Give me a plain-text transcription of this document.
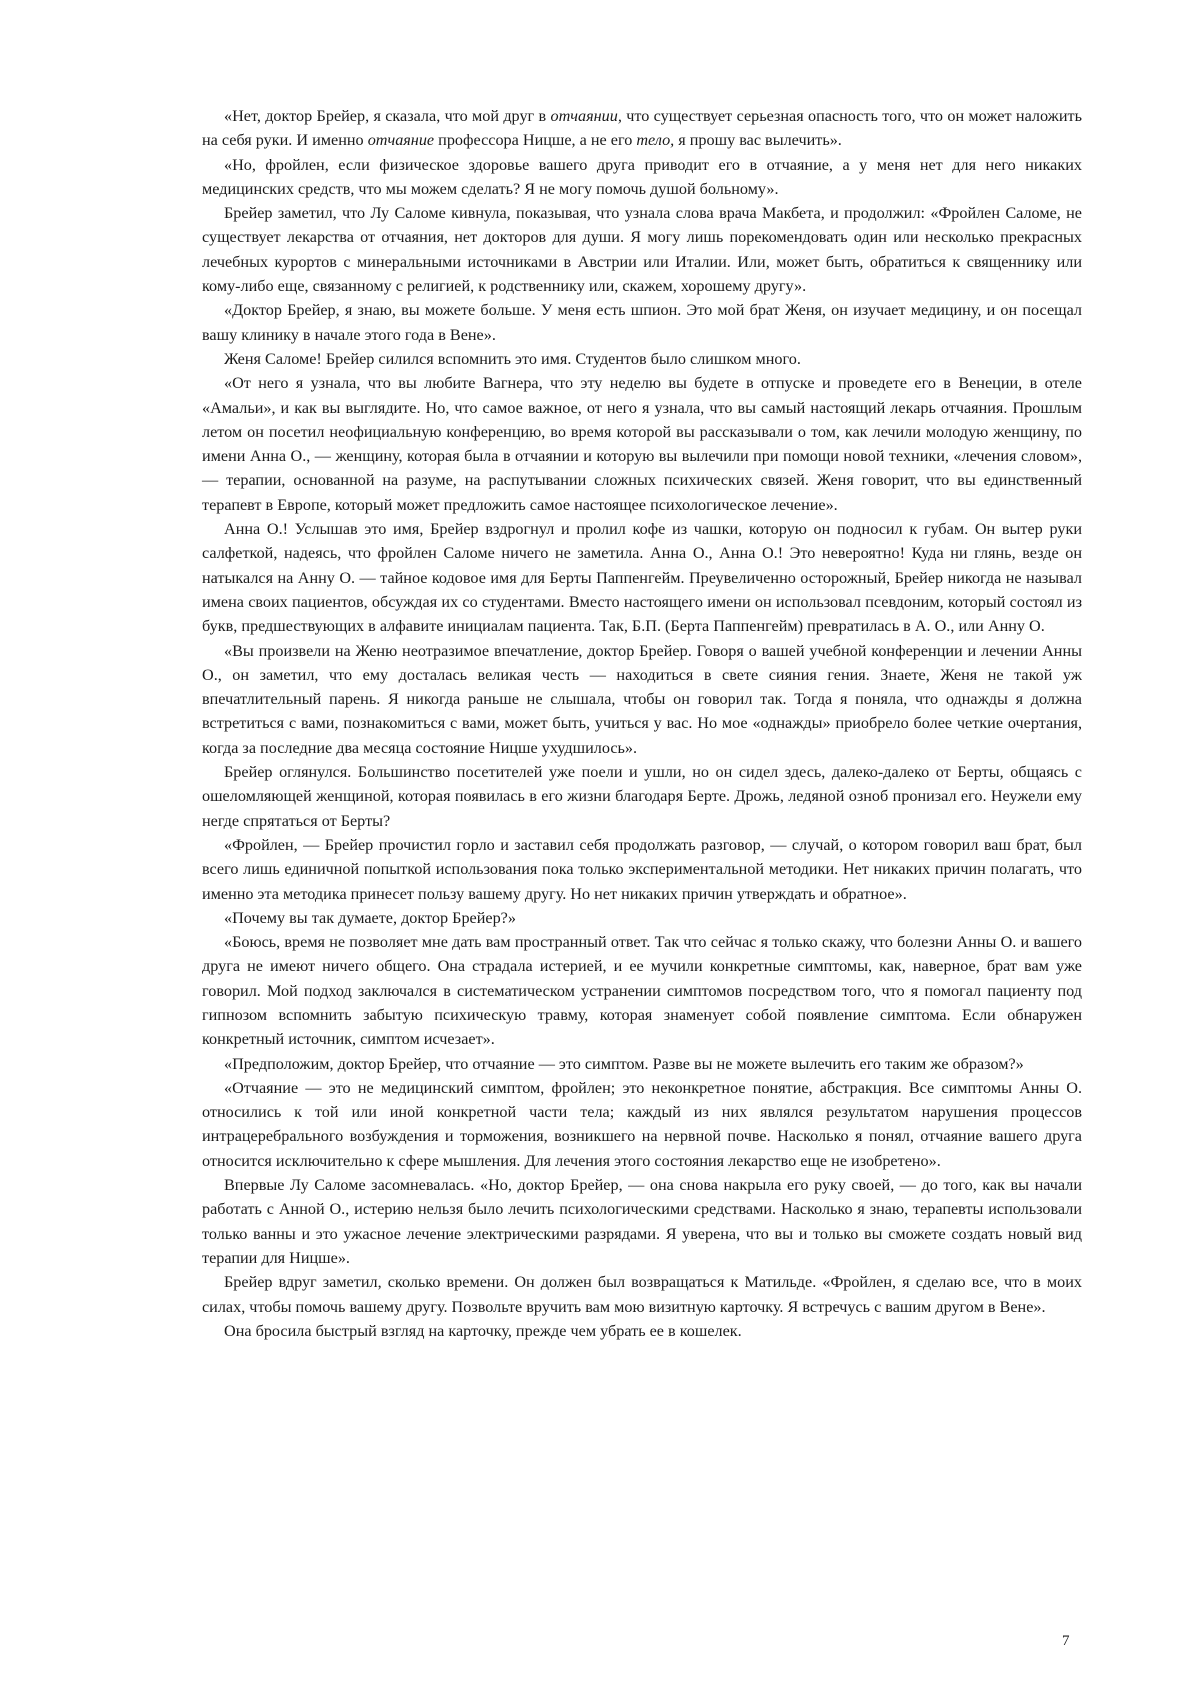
«Нет, доктор Брейер, я сказала, что мой друг в отчаянии, что существует серьезная опасность того, что он может наложить на себя руки. И именно отчаяние профессора Ницше, а не его тело, я прошу вас вылечить».

«Но, фройлен, если физическое здоровье вашего друга приводит его в отчаяние, а у меня нет для него никаких медицинских средств, что мы можем сделать? Я не могу помочь душой больному».

Брейер заметил, что Лу Саломе кивнула, показывая, что узнала слова врача Макбета, и продол­жил: «Фройлен Саломе, не существует лекарства от отчаяния, нет докторов для души. Я могу лишь порекомендовать один или несколько прекрасных лечебных курортов с минеральными источниками в Австрии или Италии. Или, может быть, обратиться к священнику или кому-либо еще, связанному с религией, к родственнику или, скажем, хорошему другу».

«Доктор Брейер, я знаю, вы можете больше. У меня есть шпион. Это мой брат Женя, он изучает медицину, и он посещал вашу клинику в начале этого года в Вене».

Женя Саломе! Брейер силился вспомнить это имя. Студентов было слишком много.

«От него я узнала, что вы любите Вагнера, что эту неделю вы будете в отпуске и проведете его в Венеции, в отеле «Амальи», и как вы выглядите. Но, что самое важное, от него я узнала, что вы самый настоящий лекарь отчаяния. Прошлым летом он посетил неофициальную конференцию, во время которой вы рассказывали о том, как лечили молодую женщину, по имени Анна О., — женщину, кото­рая была в отчаянии и которую вы вылечили при помощи новой техники, «лечения словом», — тера­пии, основанной на разуме, на распутывании сложных психических связей. Женя говорит, что вы единственный терапевт в Европе, который может предложить самое настоящее психологическое ле­чение».

Анна О.! Услышав это имя, Брейер вздрогнул и пролил кофе из чашки, которую он подносил к гу­бам. Он вытер руки салфеткой, надеясь, что фройлен Саломе ничего не заметила. Анна О., Анна О.! Это невероятно! Куда ни глянь, везде он натыкался на Анну О. — тайное кодовое имя для Берты Паппенгейм. Преувеличенно осторожный, Брейер никогда не называл имена своих пациентов, обсу­ждая их со студентами. Вместо настоящего имени он использовал псевдоним, который состоял из букв, предшествующих в алфавите инициалам пациента. Так, Б.П. (Берта Паппенгейм) превратилась в А. О., или Анну О.

«Вы произвели на Женю неотразимое впечатление, доктор Брейер. Говоря о вашей учебной кон­ференции и лечении Анны О., он заметил, что ему досталась великая честь — находиться в свете сия­ния гения. Знаете, Женя не такой уж впечатлительный парень. Я никогда раньше не слышала, чтобы он говорил так. Тогда я поняла, что однажды я должна встретиться с вами, познакомиться с вами, может быть, учиться у вас. Но мое «однажды» приобрело более четкие очертания, когда за последние два месяца состояние Ницше ухудшилось».

Брейер оглянулся. Большинство посетителей уже поели и ушли, но он сидел здесь, далеко-далеко от Берты, общаясь с ошеломляющей женщиной, которая появилась в его жизни благодаря Берте. Дрожь, ледяной озноб пронизал его. Неужели ему негде спрятаться от Берты?

«Фройлен, — Брейер прочистил горло и заставил себя продолжать разговор, — случай, о котором говорил ваш брат, был всего лишь единичной попыткой использования пока только эксперименталь­ной методики. Нет никаких причин полагать, что именно эта методика принесет пользу вашему дру­гу. Но нет никаких причин утверждать и обратное».

«Почему вы так думаете, доктор Брейер?»

«Боюсь, время не позволяет мне дать вам пространный ответ. Так что сейчас я только скажу, что болезни Анны О. и вашего друга не имеют ничего общего. Она страдала истерией, и ее мучили кон­кретные симптомы, как, наверное, брат вам уже говорил. Мой подход заключался в систематическом устранении симптомов посредством того, что я помогал пациенту под гипнозом вспомнить забытую психическую травму, которая знаменует собой появление симптома. Если обнаружен конкретный источник, симптом исчезает».

«Предположим, доктор Брейер, что отчаяние — это симптом. Разве вы не можете вылечить его таким же образом?»

«Отчаяние — это не медицинский симптом, фройлен; это неконкретное понятие, абстракция. Все симптомы Анны О. относились к той или иной конкретной части тела; каждый из них являлся резуль­татом нарушения процессов интрацеребрального возбуждения и торможения, возникшего на нервной почве. Насколько я понял, отчаяние вашего друга относится исключительно к сфере мышления. Для лечения этого состояния лекарство еще не изобретено».

Впервые Лу Саломе засомневалась. «Но, доктор Брейер, — она снова накрыла его руку своей, — до того, как вы начали работать с Анной О., истерию нельзя было лечить психологическими средст­вами. Насколько я знаю, терапевты использовали только ванны и это ужасное лечение электрически­ми разрядами. Я уверена, что вы и только вы сможете создать новый вид терапии для Ницше».

Брейер вдруг заметил, сколько времени. Он должен был возвращаться к Матильде. «Фройлен, я сделаю все, что в моих силах, чтобы помочь вашему другу. Позвольте вручить вам мою визитную карточку. Я встречусь с вашим другом в Вене».

Она бросила быстрый взгляд на карточку, прежде чем убрать ее в кошелек.

7
